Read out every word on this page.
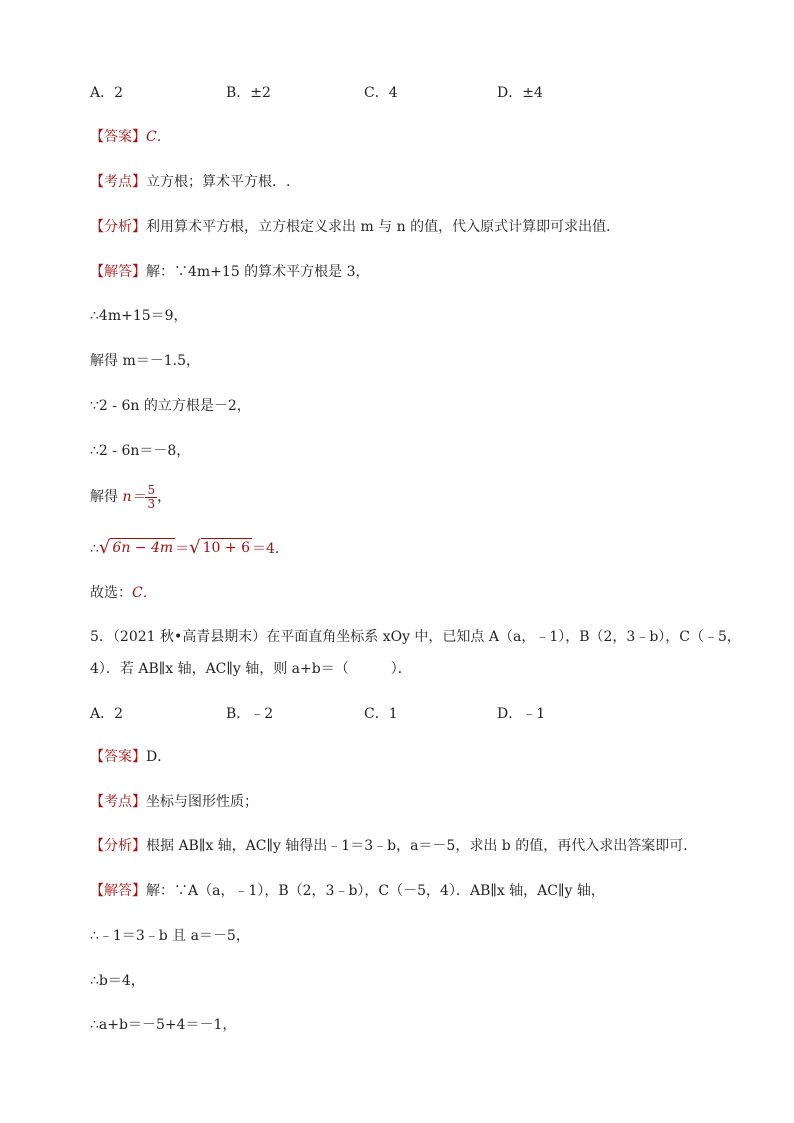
A．2	B．±2	C．4	D．±4
【答案】C．
【考点】立方根；算术平方根．.
【分析】利用算术平方根，立方根定义求出 m 与 n 的值，代入原式计算即可求出值．
【解答】解：∵4m+15 的算术平方根是 3，
∴4m+15＝9，
解得 m＝－1.5，
∵2 - 6n 的立方根是－2，
∴2 - 6n＝－8，
解得 $n= \frac{5}{3}$ ，
∴ √ 6n − 4m ＝ √ 10 + 6 ＝4．
故选：C．
5．（2021 秋•高青县期末）在平面直角坐标系 xOy 中，已知点 A（a，﹣1），B（2，3﹣b），C（﹣5，
4）．若 AB∥x 轴，AC∥y 轴，则 a+b＝（　　　）．
A．2	B．﹣2	C．1	D．﹣1
【答案】D．
【考点】坐标与图形性质；
【分析】根据 AB∥x 轴，AC∥y 轴得出﹣1＝3﹣b，a＝－5，求出 b 的值，再代入求出答案即可．
【解答】解：∵A（a，﹣1），B（2，3﹣b），C（－5，4）．AB∥x 轴，AC∥y 轴，
∴﹣1＝3﹣b 且 a＝－5，
∴b＝4，
∴a+b＝－5+4＝－1，
